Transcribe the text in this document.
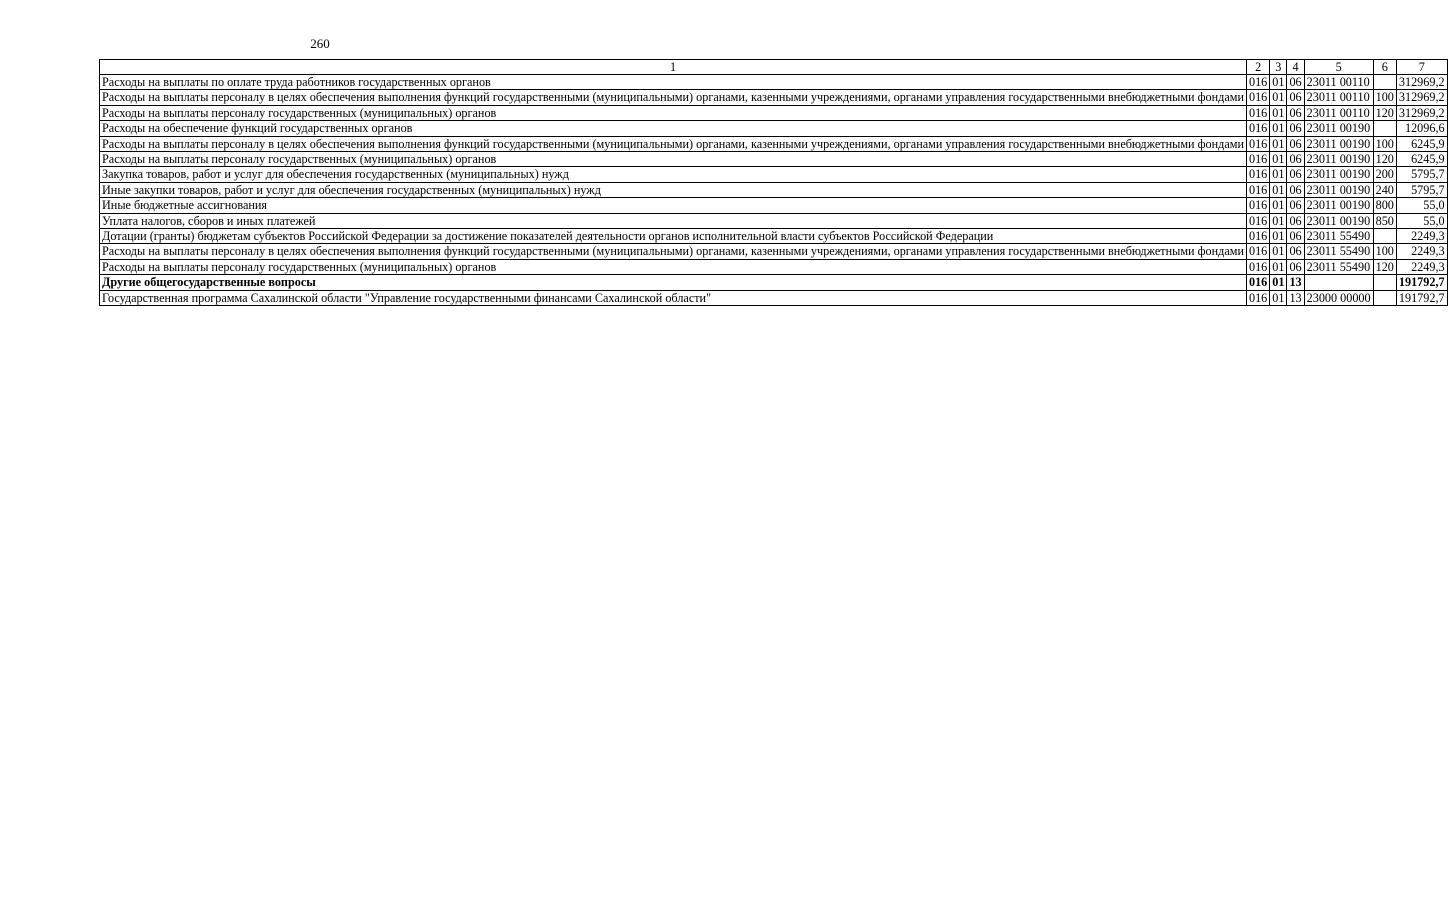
260
1	2	3	4	5	6	7
Расходы на выплаты по оплате труда работников государственных органов	016	01	06	23011 00110		312969,2
Расходы на выплаты персоналу в целях обеспечения выполнения функций государственными (муниципальными) органами, казенными учреждениями, органами управления государственными внебюджетными фондами	016	01	06	23011 00110	100	312969,2
Расходы на выплаты персоналу государственных (муниципальных) органов	016	01	06	23011 00110	120	312969,2
Расходы на обеспечение функций государственных органов	016	01	06	23011 00190		12096,6
Расходы на выплаты персоналу в целях обеспечения выполнения функций государственными (муниципальными) органами, казенными учреждениями, органами управления государственными внебюджетными фондами	016	01	06	23011 00190	100	6245,9
Расходы на выплаты персоналу государственных (муниципальных) органов	016	01	06	23011 00190	120	6245,9
Закупка товаров, работ и услуг для обеспечения государственных (муниципальных) нужд	016	01	06	23011 00190	200	5795,7
Иные закупки товаров, работ и услуг для обеспечения государственных (муниципальных) нужд	016	01	06	23011 00190	240	5795,7
Иные бюджетные ассигнования	016	01	06	23011 00190	800	55,0
Уплата налогов, сборов и иных платежей	016	01	06	23011 00190	850	55,0
Дотации (гранты) бюджетам субъектов Российской Федерации за достижение показателей деятельности органов исполнительной власти субъектов Российской Федерации	016	01	06	23011 55490		2249,3
Расходы на выплаты персоналу в целях обеспечения выполнения функций государственными (муниципальными) органами, казенными учреждениями, органами управления государственными внебюджетными фондами	016	01	06	23011 55490	100	2249,3
Расходы на выплаты персоналу государственных (муниципальных) органов	016	01	06	23011 55490	120	2249,3
Другие общегосударственные вопросы	016	01	13			191792,7
Государственная программа Сахалинской области "Управление государственными финансами Сахалинской области"	016	01	13	23000 00000		191792,7
